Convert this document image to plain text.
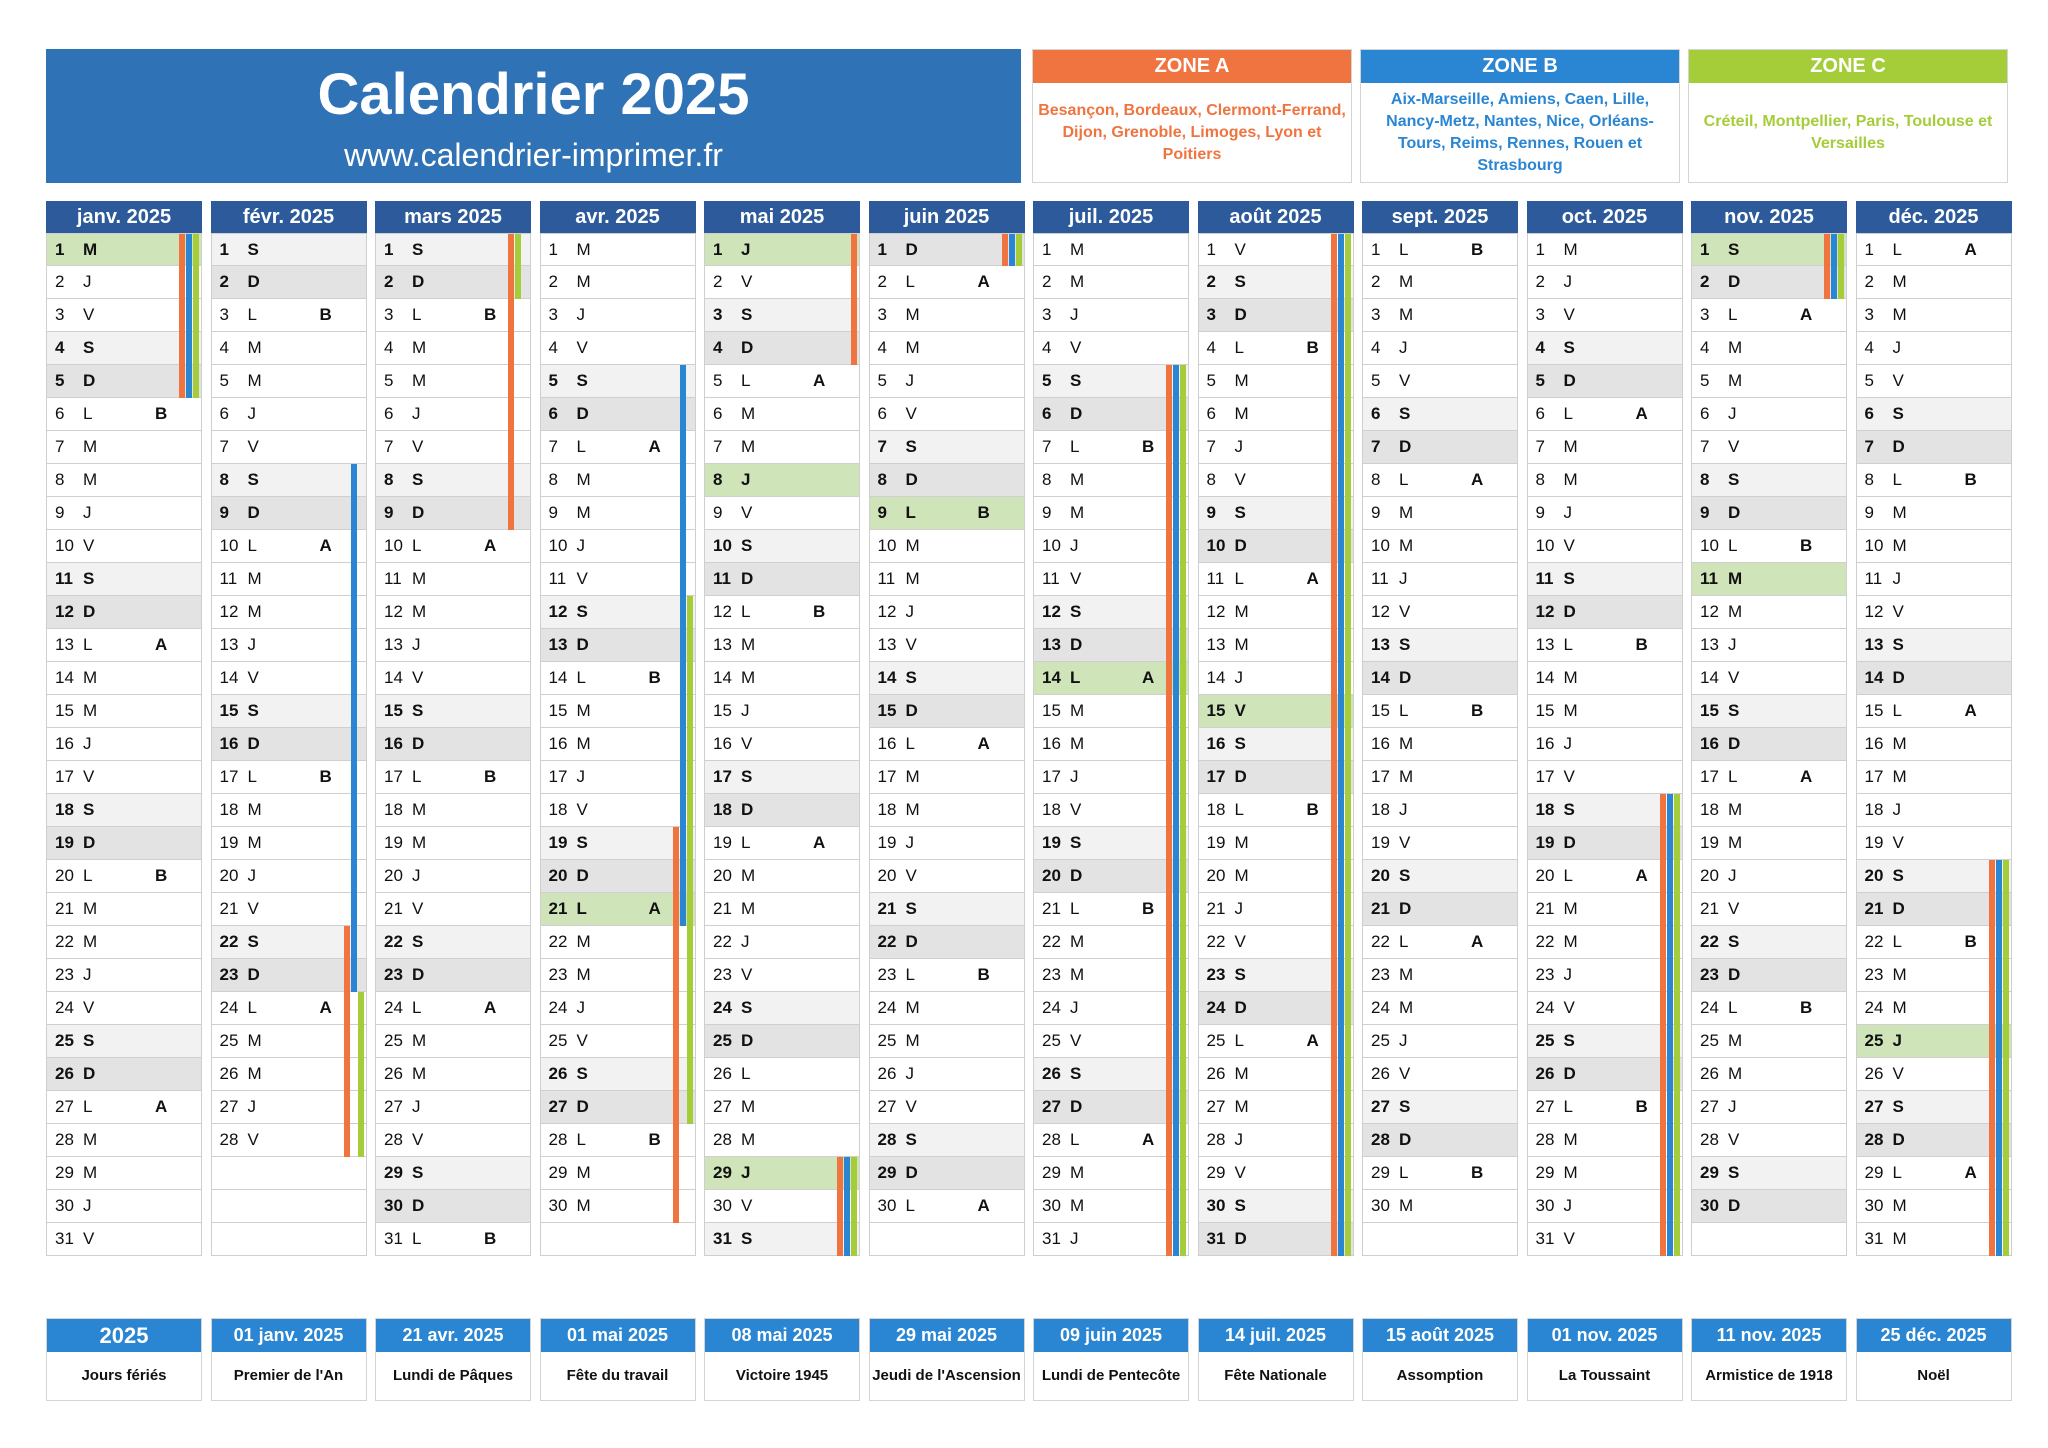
Calendrier 2025
www.calendrier-imprimer.fr
ZONE A
Besançon, Bordeaux, Clermont-Ferrand, Dijon, Grenoble, Limoges, Lyon et Poitiers
ZONE B
Aix-Marseille, Amiens, Caen, Lille, Nancy-Metz, Nantes, Nice, Orléans-Tours, Reims, Rennes, Rouen et Strasbourg
ZONE C
Créteil, Montpellier, Paris, Toulouse et Versailles
janv. 2025
1 M
2 J
3 V
4 S
5 D
6 L	B
7 M
8 M
9 J
10 V
11 S
12 D
13 L	A
14 M
15 M
16 J
17 V
18 S
19 D
20 L	B
21 M
22 M
23 J
24 V
25 S
26 D
27 L	A
28 M
29 M
30 J
31 V
févr. 2025
1 S
2 D
3 L	B
4 M
5 M
6 J
7 V
8 S
9 D
10 L	A
11 M
12 M
13 J
14 V
15 S
16 D
17 L	B
18 M
19 M
20 J
21 V
22 S
23 D
24 L	A
25 M
26 M
27 J
28 V
mars 2025
1 S
2 D
3 L	B
4 M
5 M
6 J
7 V
8 S
9 D
10 L	A
11 M
12 M
13 J
14 V
15 S
16 D
17 L	B
18 M
19 M
20 J
21 V
22 S
23 D
24 L	A
25 M
26 M
27 J
28 V
29 S
30 D
31 L	B
avr. 2025
1 M
2 M
3 J
4 V
5 S
6 D
7 L	A
8 M
9 M
10 J
11 V
12 S
13 D
14 L	B
15 M
16 M
17 J
18 V
19 S
20 D
21 L	A
22 M
23 M
24 J
25 V
26 S
27 D
28 L	B
29 M
30 M
mai 2025
1 J
2 V
3 S
4 D
5 L	A
6 M
7 M
8 J
9 V
10 S
11 D
12 L	B
13 M
14 M
15 J
16 V
17 S
18 D
19 L	A
20 M
21 M
22 J
23 V
24 S
25 D
26 L
27 M
28 M
29 J
30 V
31 S
juin 2025
1 D
2 L	A
3 M
4 M
5 J
6 V
7 S
8 D
9 L	B
10 M
11 M
12 J
13 V
14 S
15 D
16 L	A
17 M
18 M
19 J
20 V
21 S
22 D
23 L	B
24 M
25 M
26 J
27 V
28 S
29 D
30 L	A
juil. 2025
1 M
2 M
3 J
4 V
5 S
6 D
7 L	B
8 M
9 M
10 J
11 V
12 S
13 D
14 L	A
15 M
16 M
17 J
18 V
19 S
20 D
21 L	B
22 M
23 M
24 J
25 V
26 S
27 D
28 L	A
29 M
30 M
31 J
août 2025
1 V
2 S
3 D
4 L	B
5 M
6 M
7 J
8 V
9 S
10 D
11 L	A
12 M
13 M
14 J
15 V
16 S
17 D
18 L	B
19 M
20 M
21 J
22 V
23 S
24 D
25 L	A
26 M
27 M
28 J
29 V
30 S
31 D
sept. 2025
1 L	B
2 M
3 M
4 J
5 V
6 S
7 D
8 L	A
9 M
10 M
11 J
12 V
13 S
14 D
15 L	B
16 M
17 M
18 J
19 V
20 S
21 D
22 L	A
23 M
24 M
25 J
26 V
27 S
28 D
29 L	B
30 M
oct. 2025
1 M
2 J
3 V
4 S
5 D
6 L	A
7 M
8 M
9 J
10 V
11 S
12 D
13 L	B
14 M
15 M
16 J
17 V
18 S
19 D
20 L	A
21 M
22 M
23 J
24 V
25 S
26 D
27 L	B
28 M
29 M
30 J
31 V
nov. 2025
1 S
2 D
3 L	A
4 M
5 M
6 J
7 V
8 S
9 D
10 L	B
11 M
12 M
13 J
14 V
15 S
16 D
17 L	A
18 M
19 M
20 J
21 V
22 S
23 D
24 L	B
25 M
26 M
27 J
28 V
29 S
30 D
déc. 2025
1 L	A
2 M
3 M
4 J
5 V
6 S
7 D
8 L	B
9 M
10 M
11 J
12 V
13 S
14 D
15 L	A
16 M
17 M
18 J
19 V
20 S
21 D
22 L	B
23 M
24 M
25 J
26 V
27 S
28 D
29 L	A
30 M
31 M
2025
Jours fériés
01 janv. 2025
Premier de l'An
21 avr. 2025
Lundi de Pâques
01 mai 2025
Fête du travail
08 mai 2025
Victoire 1945
29 mai 2025
Jeudi de l'Ascension
09 juin 2025
Lundi de Pentecôte
14 juil. 2025
Fête Nationale
15 août 2025
Assomption
01 nov. 2025
La Toussaint
11 nov. 2025
Armistice de 1918
25 déc. 2025
Noël
